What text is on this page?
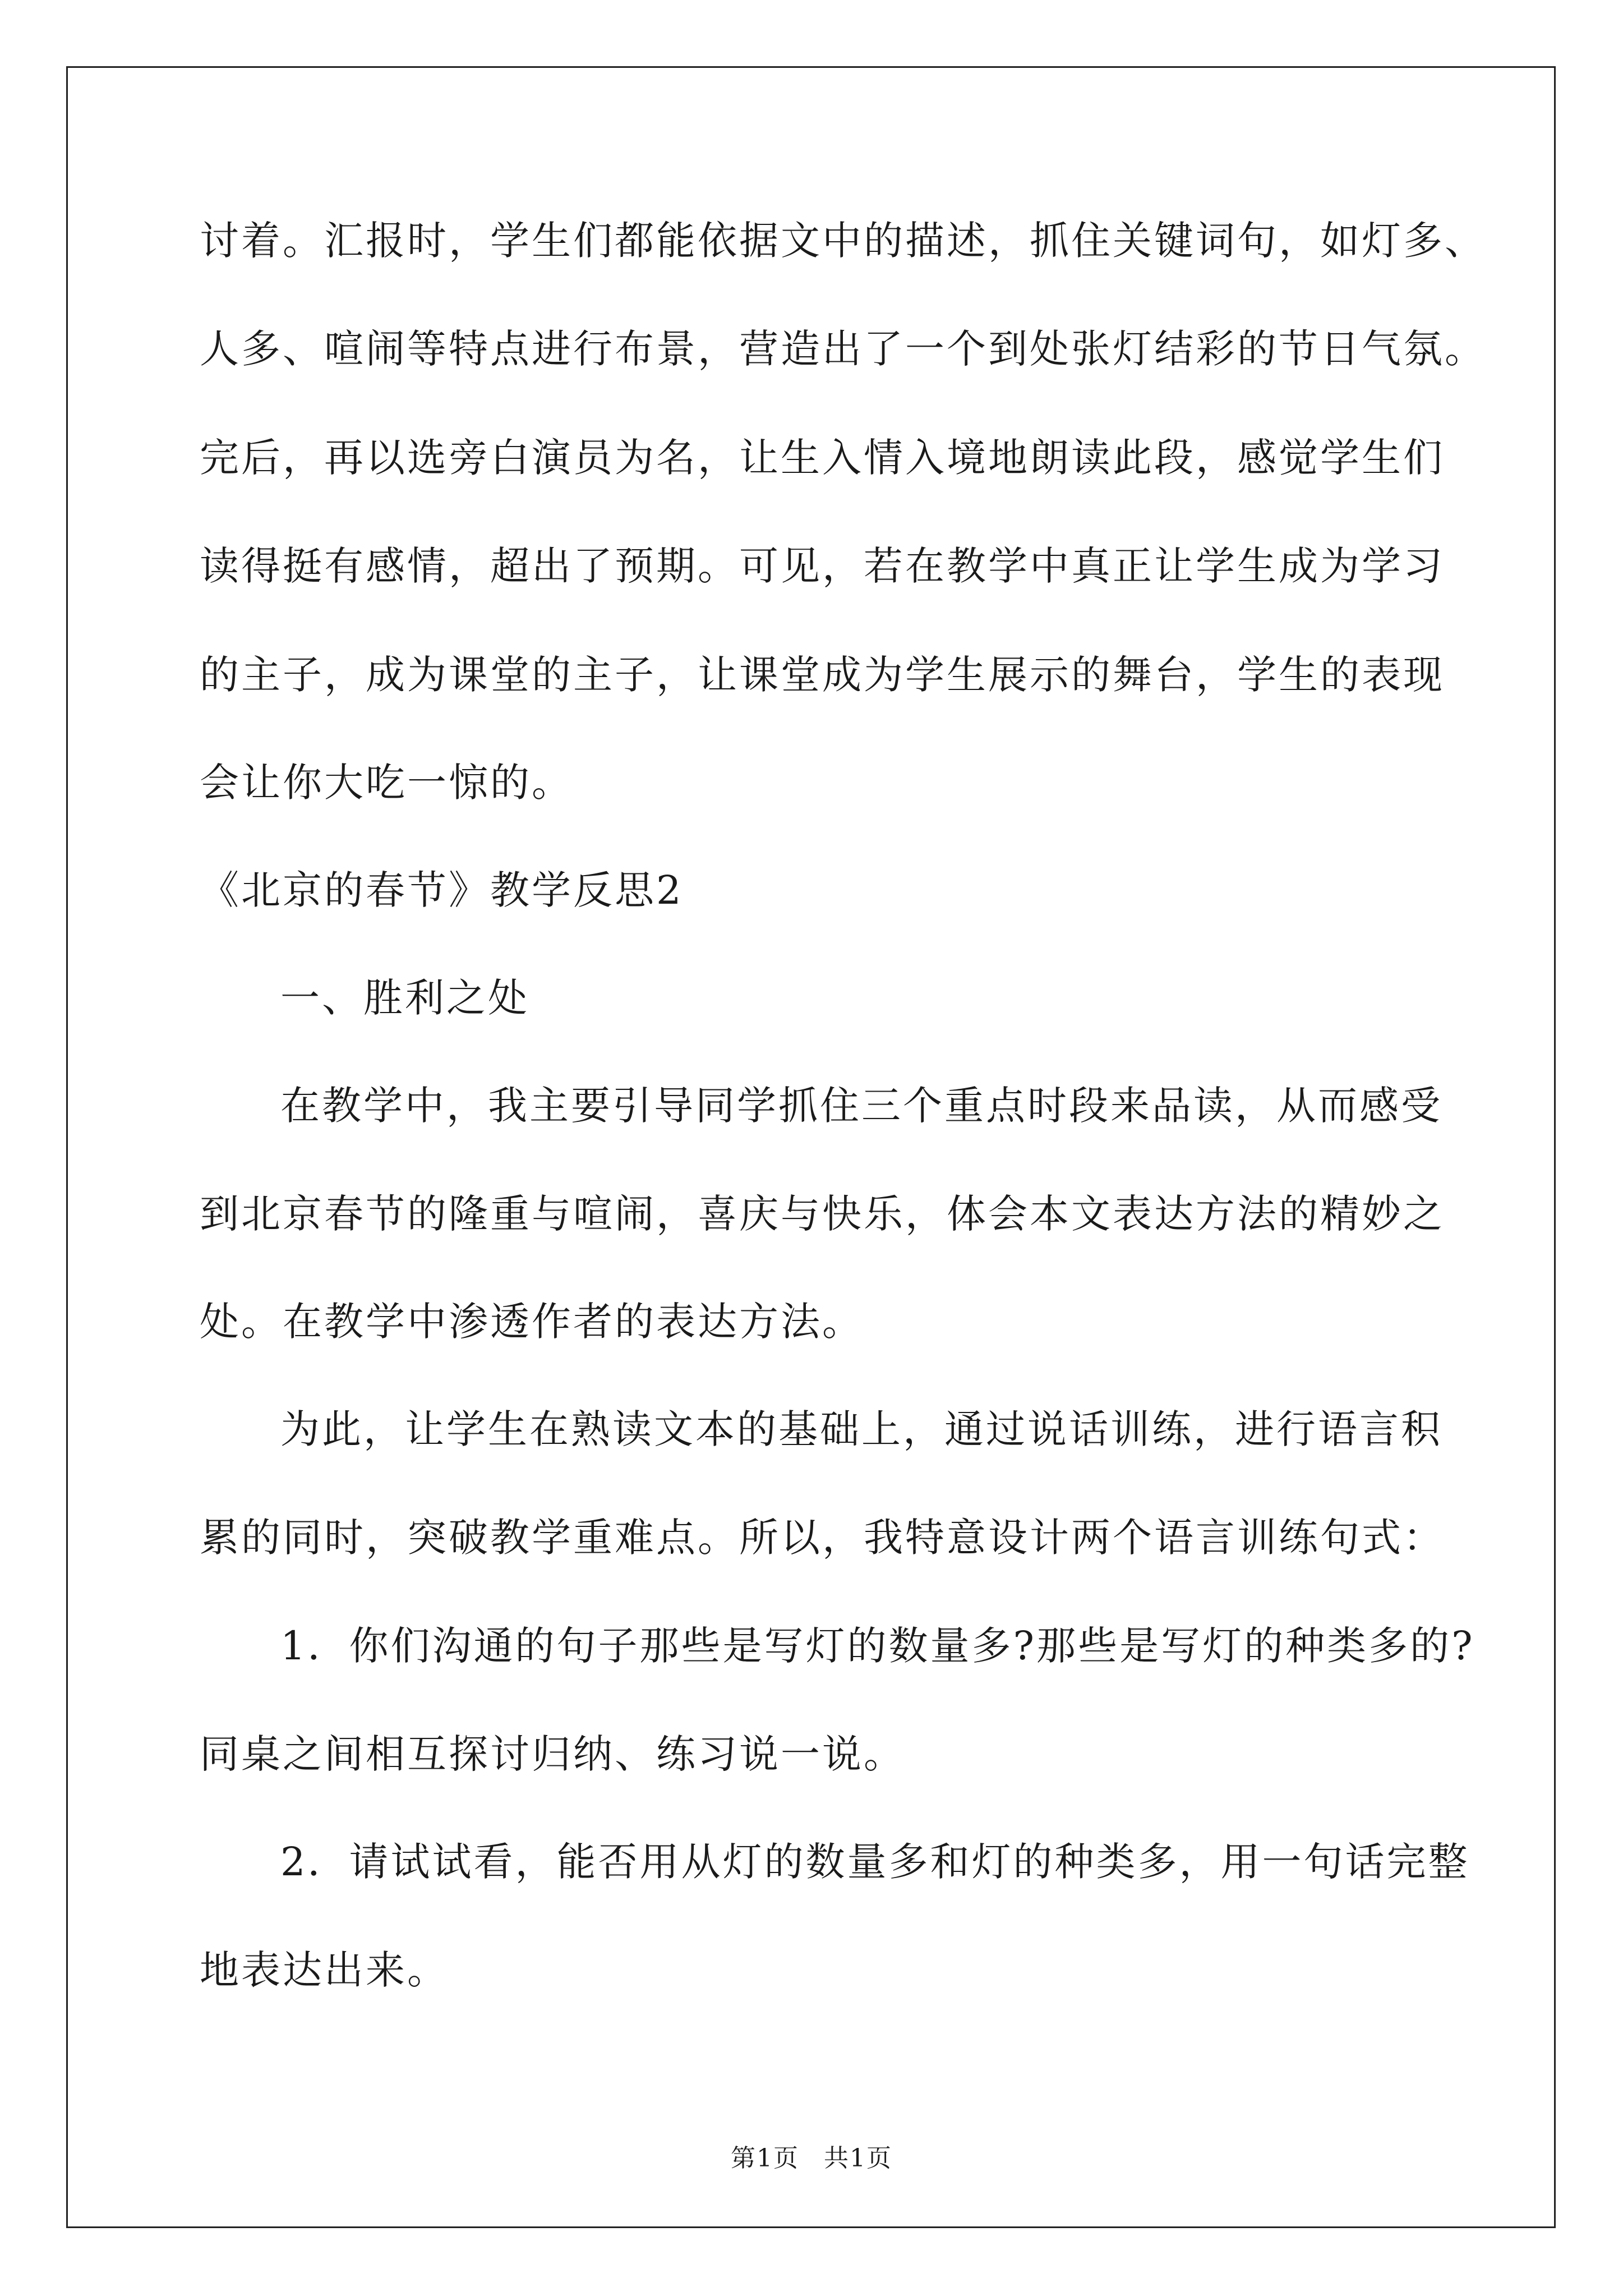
讨着。汇报时，学生们都能依据文中的描述，抓住关键词句，如灯多、
人多、喧闹等特点进行布景，营造出了一个到处张灯结彩的节日气氛。
完后，再以选旁白演员为名，让生入情入境地朗读此段，感觉学生们
读得挺有感情，超出了预期。可见，若在教学中真正让学生成为学习
的主子，成为课堂的主子，让课堂成为学生展示的舞台，学生的表现
会让你大吃一惊的。
《北京的春节》教学反思2
一、胜利之处
在教学中，我主要引导同学抓住三个重点时段来品读，从而感受
到北京春节的隆重与喧闹，喜庆与快乐，体会本文表达方法的精妙之
处。在教学中渗透作者的表达方法。
为此，让学生在熟读文本的基础上，通过说话训练，进行语言积
累的同时，突破教学重难点。所以，我特意设计两个语言训练句式：
1．你们沟通的句子那些是写灯的数量多?那些是写灯的种类多的?
同桌之间相互探讨归纳、练习说一说。
2．请试试看，能否用从灯的数量多和灯的种类多，用一句话完整
地表达出来。
第1页 共1页
